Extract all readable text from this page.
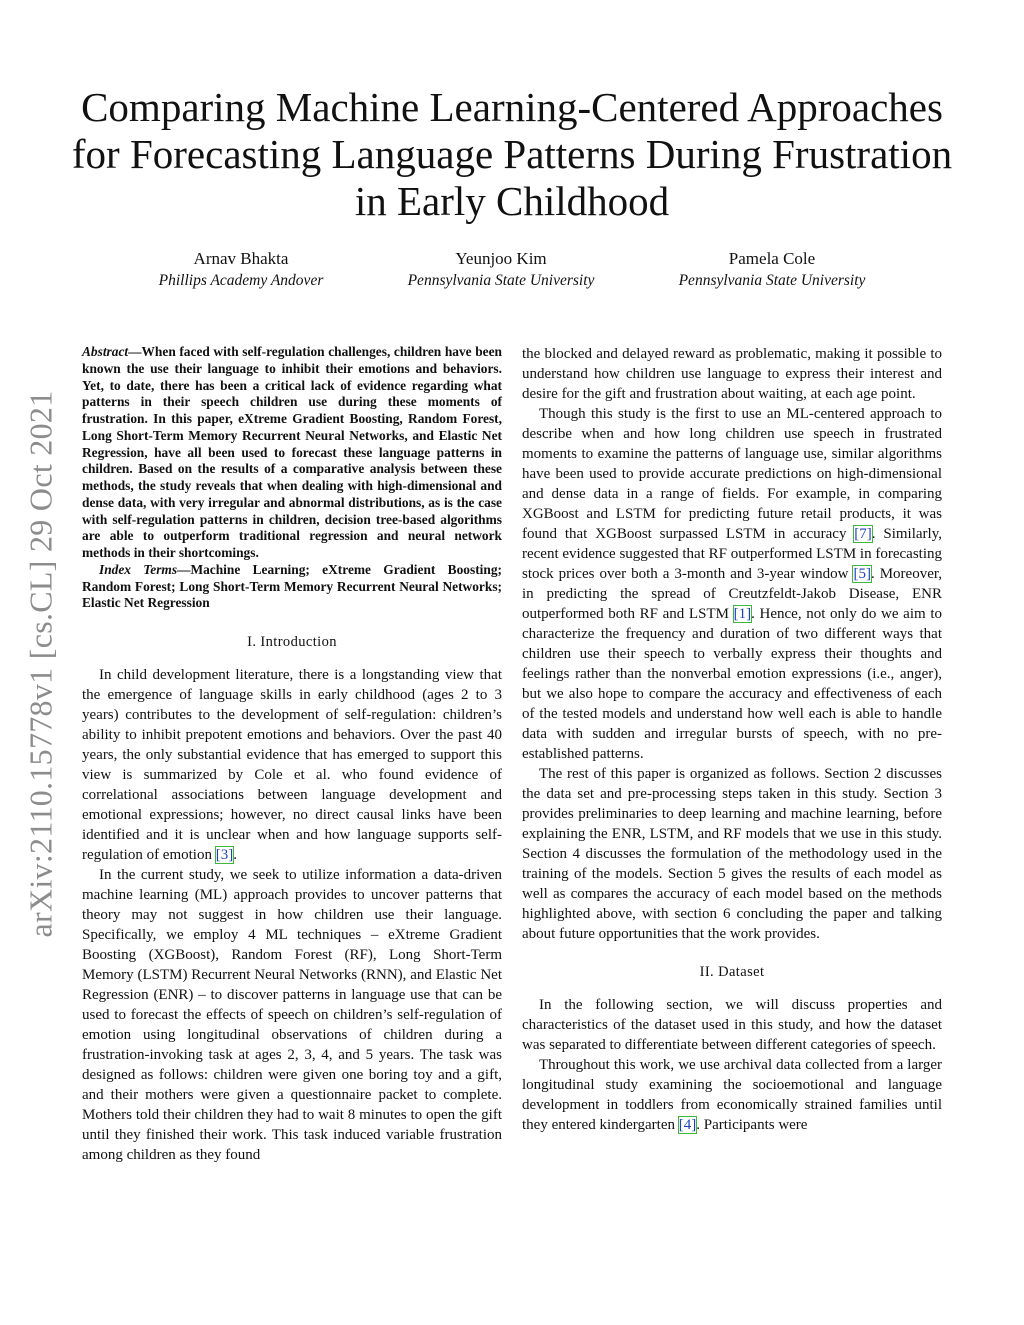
arXiv:2110.15778v1 [cs.CL] 29 Oct 2021
Comparing Machine Learning-Centered Approaches for Forecasting Language Patterns During Frustration in Early Childhood
Arnav Bhakta
Phillips Academy Andover
Yeunjoo Kim
Pennsylvania State University
Pamela Cole
Pennsylvania State University

Abstract—When faced with self-regulation challenges, children have been known the use their language to inhibit their emotions and behaviors. Yet, to date, there has been a critical lack of evidence regarding what patterns in their speech children use during these moments of frustration. In this paper, eXtreme Gradient Boosting, Random Forest, Long Short-Term Memory Recurrent Neural Networks, and Elastic Net Regression, have all been used to forecast these language patterns in children. Based on the results of a comparative analysis between these methods, the study reveals that when dealing with high-dimensional and dense data, with very irregular and abnormal distributions, as is the case with self-regulation patterns in children, decision tree-based algorithms are able to outperform traditional regression and neural network methods in their shortcomings.

Index Terms—Machine Learning; eXtreme Gradient Boosting; Random Forest; Long Short-Term Memory Recurrent Neural Networks; Elastic Net Regression

I. Introduction

In child development literature, there is a longstanding view that the emergence of language skills in early childhood (ages 2 to 3 years) contributes to the development of self-regulation: children’s ability to inhibit prepotent emotions and behaviors. Over the past 40 years, the only substantial evidence that has emerged to support this view is summarized by Cole et al. who found evidence of correlational associations between language development and emotional expressions; however, no direct causal links have been identified and it is unclear when and how language supports self-regulation of emotion [3].

In the current study, we seek to utilize information a data-driven machine learning (ML) approach provides to uncover patterns that theory may not suggest in how children use their language. Specifically, we employ 4 ML techniques – eXtreme Gradient Boosting (XGBoost), Random Forest (RF), Long Short-Term Memory (LSTM) Recurrent Neural Networks (RNN), and Elastic Net Regression (ENR) – to discover patterns in language use that can be used to forecast the effects of speech on children’s self-regulation of emotion using longitudinal observations of children during a frustration-invoking task at ages 2, 3, 4, and 5 years. The task was designed as follows: children were given one boring toy and a gift, and their mothers were given a questionnaire packet to complete. Mothers told their children they had to wait 8 minutes to open the gift until they finished their work. This task induced variable frustration among children as they found

the blocked and delayed reward as problematic, making it possible to understand how children use language to express their interest and desire for the gift and frustration about waiting, at each age point.

Though this study is the first to use an ML-centered approach to describe when and how long children use speech in frustrated moments to examine the patterns of language use, similar algorithms have been used to provide accurate predictions on high-dimensional and dense data in a range of fields. For example, in comparing XGBoost and LSTM for predicting future retail products, it was found that XGBoost surpassed LSTM in accuracy [7]. Similarly, recent evidence suggested that RF outperformed LSTM in forecasting stock prices over both a 3-month and 3-year window [5]. Moreover, in predicting the spread of Creutzfeldt-Jakob Disease, ENR outperformed both RF and LSTM [1]. Hence, not only do we aim to characterize the frequency and duration of two different ways that children use their speech to verbally express their thoughts and feelings rather than the nonverbal emotion expressions (i.e., anger), but we also hope to compare the accuracy and effectiveness of each of the tested models and understand how well each is able to handle data with sudden and irregular bursts of speech, with no pre-established patterns.

The rest of this paper is organized as follows. Section 2 discusses the data set and pre-processing steps taken in this study. Section 3 provides preliminaries to deep learning and machine learning, before explaining the ENR, LSTM, and RF models that we use in this study. Section 4 discusses the formulation of the methodology used in the training of the models. Section 5 gives the results of each model as well as compares the accuracy of each model based on the methods highlighted above, with section 6 concluding the paper and talking about future opportunities that the work provides.

II. Dataset

In the following section, we will discuss properties and characteristics of the dataset used in this study, and how the dataset was separated to differentiate between different categories of speech.

Throughout this work, we use archival data collected from a larger longitudinal study examining the socioemotional and language development in toddlers from economically strained families until they entered kindergarten [4]. Participants were
